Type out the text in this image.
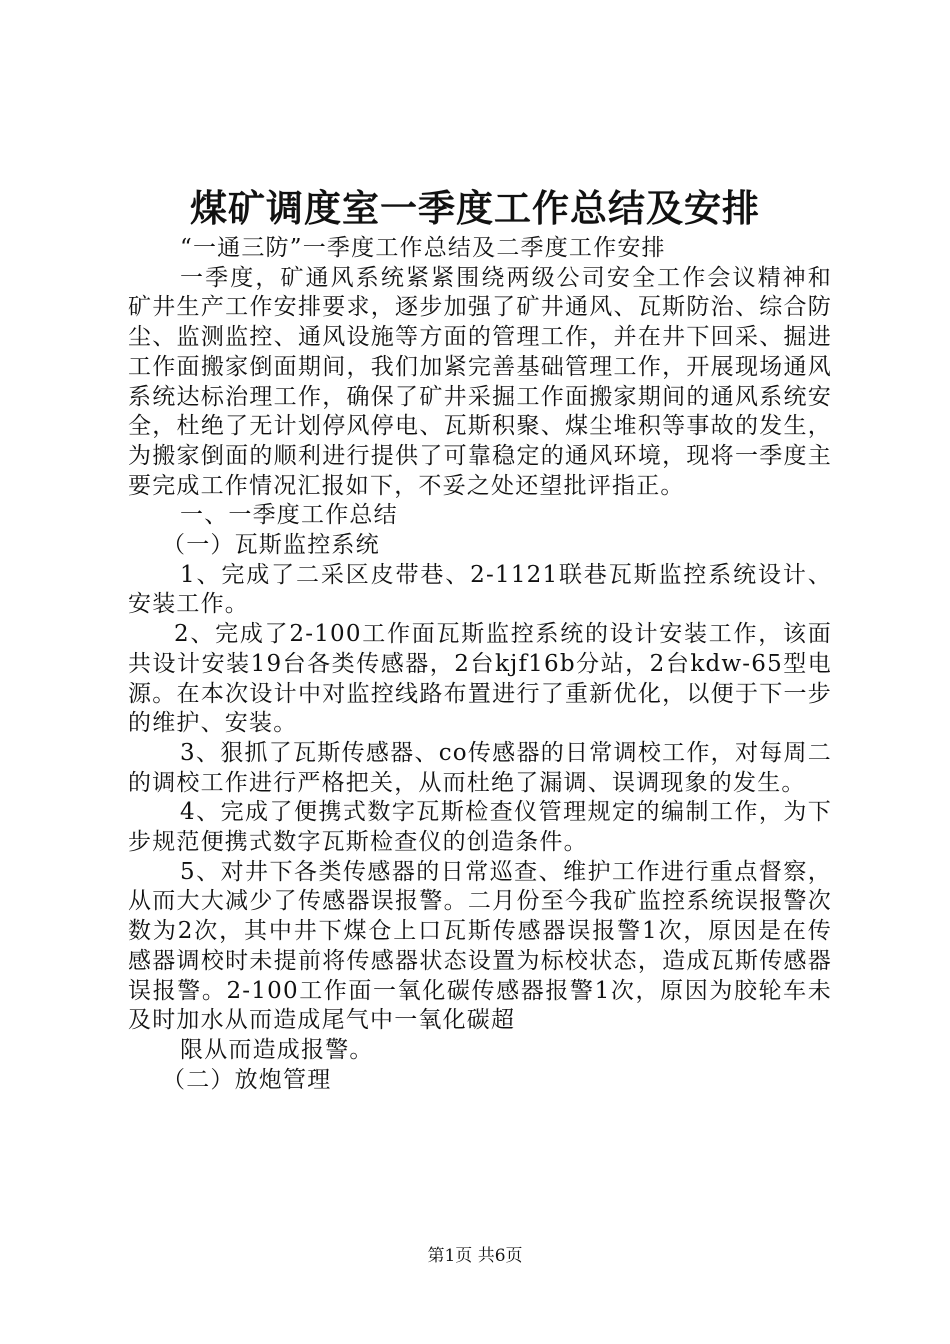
煤矿调度室一季度工作总结及安排

“一通三防”一季度工作总结及二季度工作安排

一季度，矿通风系统紧紧围绕两级公司安全工作会议精神和矿井生产工作安排要求，逐步加强了矿井通风、瓦斯防治、综合防尘、监测监控、通风设施等方面的管理工作，并在井下回采、掘进工作面搬家倒面期间，我们加紧完善基础管理工作，开展现场通风系统达标治理工作，确保了矿井采掘工作面搬家期间的通风系统安全，杜绝了无计划停风停电、瓦斯积聚、煤尘堆积等事故的发生，为搬家倒面的顺利进行提供了可靠稳定的通风环境，现将一季度主要完成工作情况汇报如下，不妥之处还望批评指正。

一、一季度工作总结

（一）瓦斯监控系统

1、完成了二采区皮带巷、2-1121联巷瓦斯监控系统设计、安装工作。

2、完成了2-100工作面瓦斯监控系统的设计安装工作，该面共设计安装19台各类传感器，2台kjf16b分站，2台kdw-65型电源。在本次设计中对监控线路布置进行了重新优化，以便于下一步的维护、安装。

3、狠抓了瓦斯传感器、co传感器的日常调校工作，对每周二的调校工作进行严格把关，从而杜绝了漏调、误调现象的发生。

4、完成了便携式数字瓦斯检查仪管理规定的编制工作，为下步规范便携式数字瓦斯检查仪的创造条件。

5、对井下各类传感器的日常巡查、维护工作进行重点督察，从而大大减少了传感器误报警。二月份至今我矿监控系统误报警次数为2次，其中井下煤仓上口瓦斯传感器误报警1次，原因是在传感器调校时未提前将传感器状态设置为标校状态，造成瓦斯传感器误报警。2-100工作面一氧化碳传感器报警1次，原因为胶轮车未及时加水从而造成尾气中一氧化碳超

限从而造成报警。

（二）放炮管理

第1页 共6页
